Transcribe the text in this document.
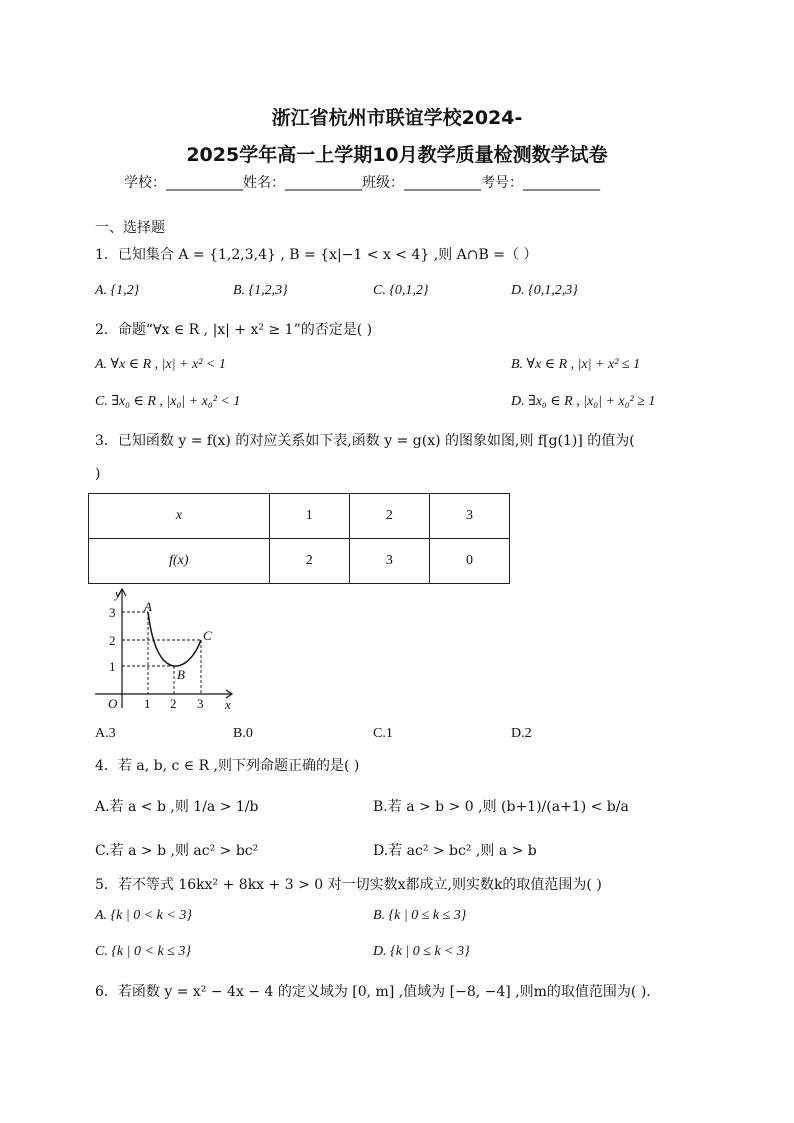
浙江省杭州市联谊学校2024-
2025学年高一上学期10月教学质量检测数学试卷
学校：___________姓名：___________班级：___________考号：___________
一、选择题
1．已知集合 A = {1,2,3,4} , B = {x|−1 < x < 4} ,则 A∩B =（ ）
A. {1,2}	B. {1,2,3}	C. {0,1,2}	D. {0,1,2,3}
2．命题“∀x ∈ R , |x| + x² ≥ 1”的否定是( )
A. ∀x ∈ R , |x| + x² < 1	B. ∀x ∈ R , |x| + x² ≤ 1
C. ∃x₀ ∈ R , |x₀| + x₀² < 1	D. ∃x₀ ∈ R , |x₀| + x₀² ≥ 1
3．已知函数 y = f(x) 的对应关系如下表,函数 y = g(x) 的图象如图,则 f[g(1)] 的值为(
)
x	1	2	3
f(x)	2	3	0
y
x
O
3
2
1
1 2 3
A
B
C
A.3	B.0	C.1	D.2
4．若 a, b, c ∈ R ,则下列命题正确的是( )
A.若 a < b ,则 1/a > 1/b	B.若 a > b > 0 ,则 (b+1)/(a+1) < b/a
C.若 a > b ,则 ac² > bc²	D.若 ac² > bc² ,则 a > b
5．若不等式 16kx² + 8kx + 3 > 0 对一切实数x都成立,则实数k的取值范围为( )
A. {k | 0 < k < 3}	B. {k | 0 ≤ k ≤ 3}
C. {k | 0 < k ≤ 3}	D. {k | 0 ≤ k < 3}
6．若函数 y = x² − 4x − 4 的定义域为 [0, m] ,值域为 [−8, −4] ,则m的取值范围为( ).
